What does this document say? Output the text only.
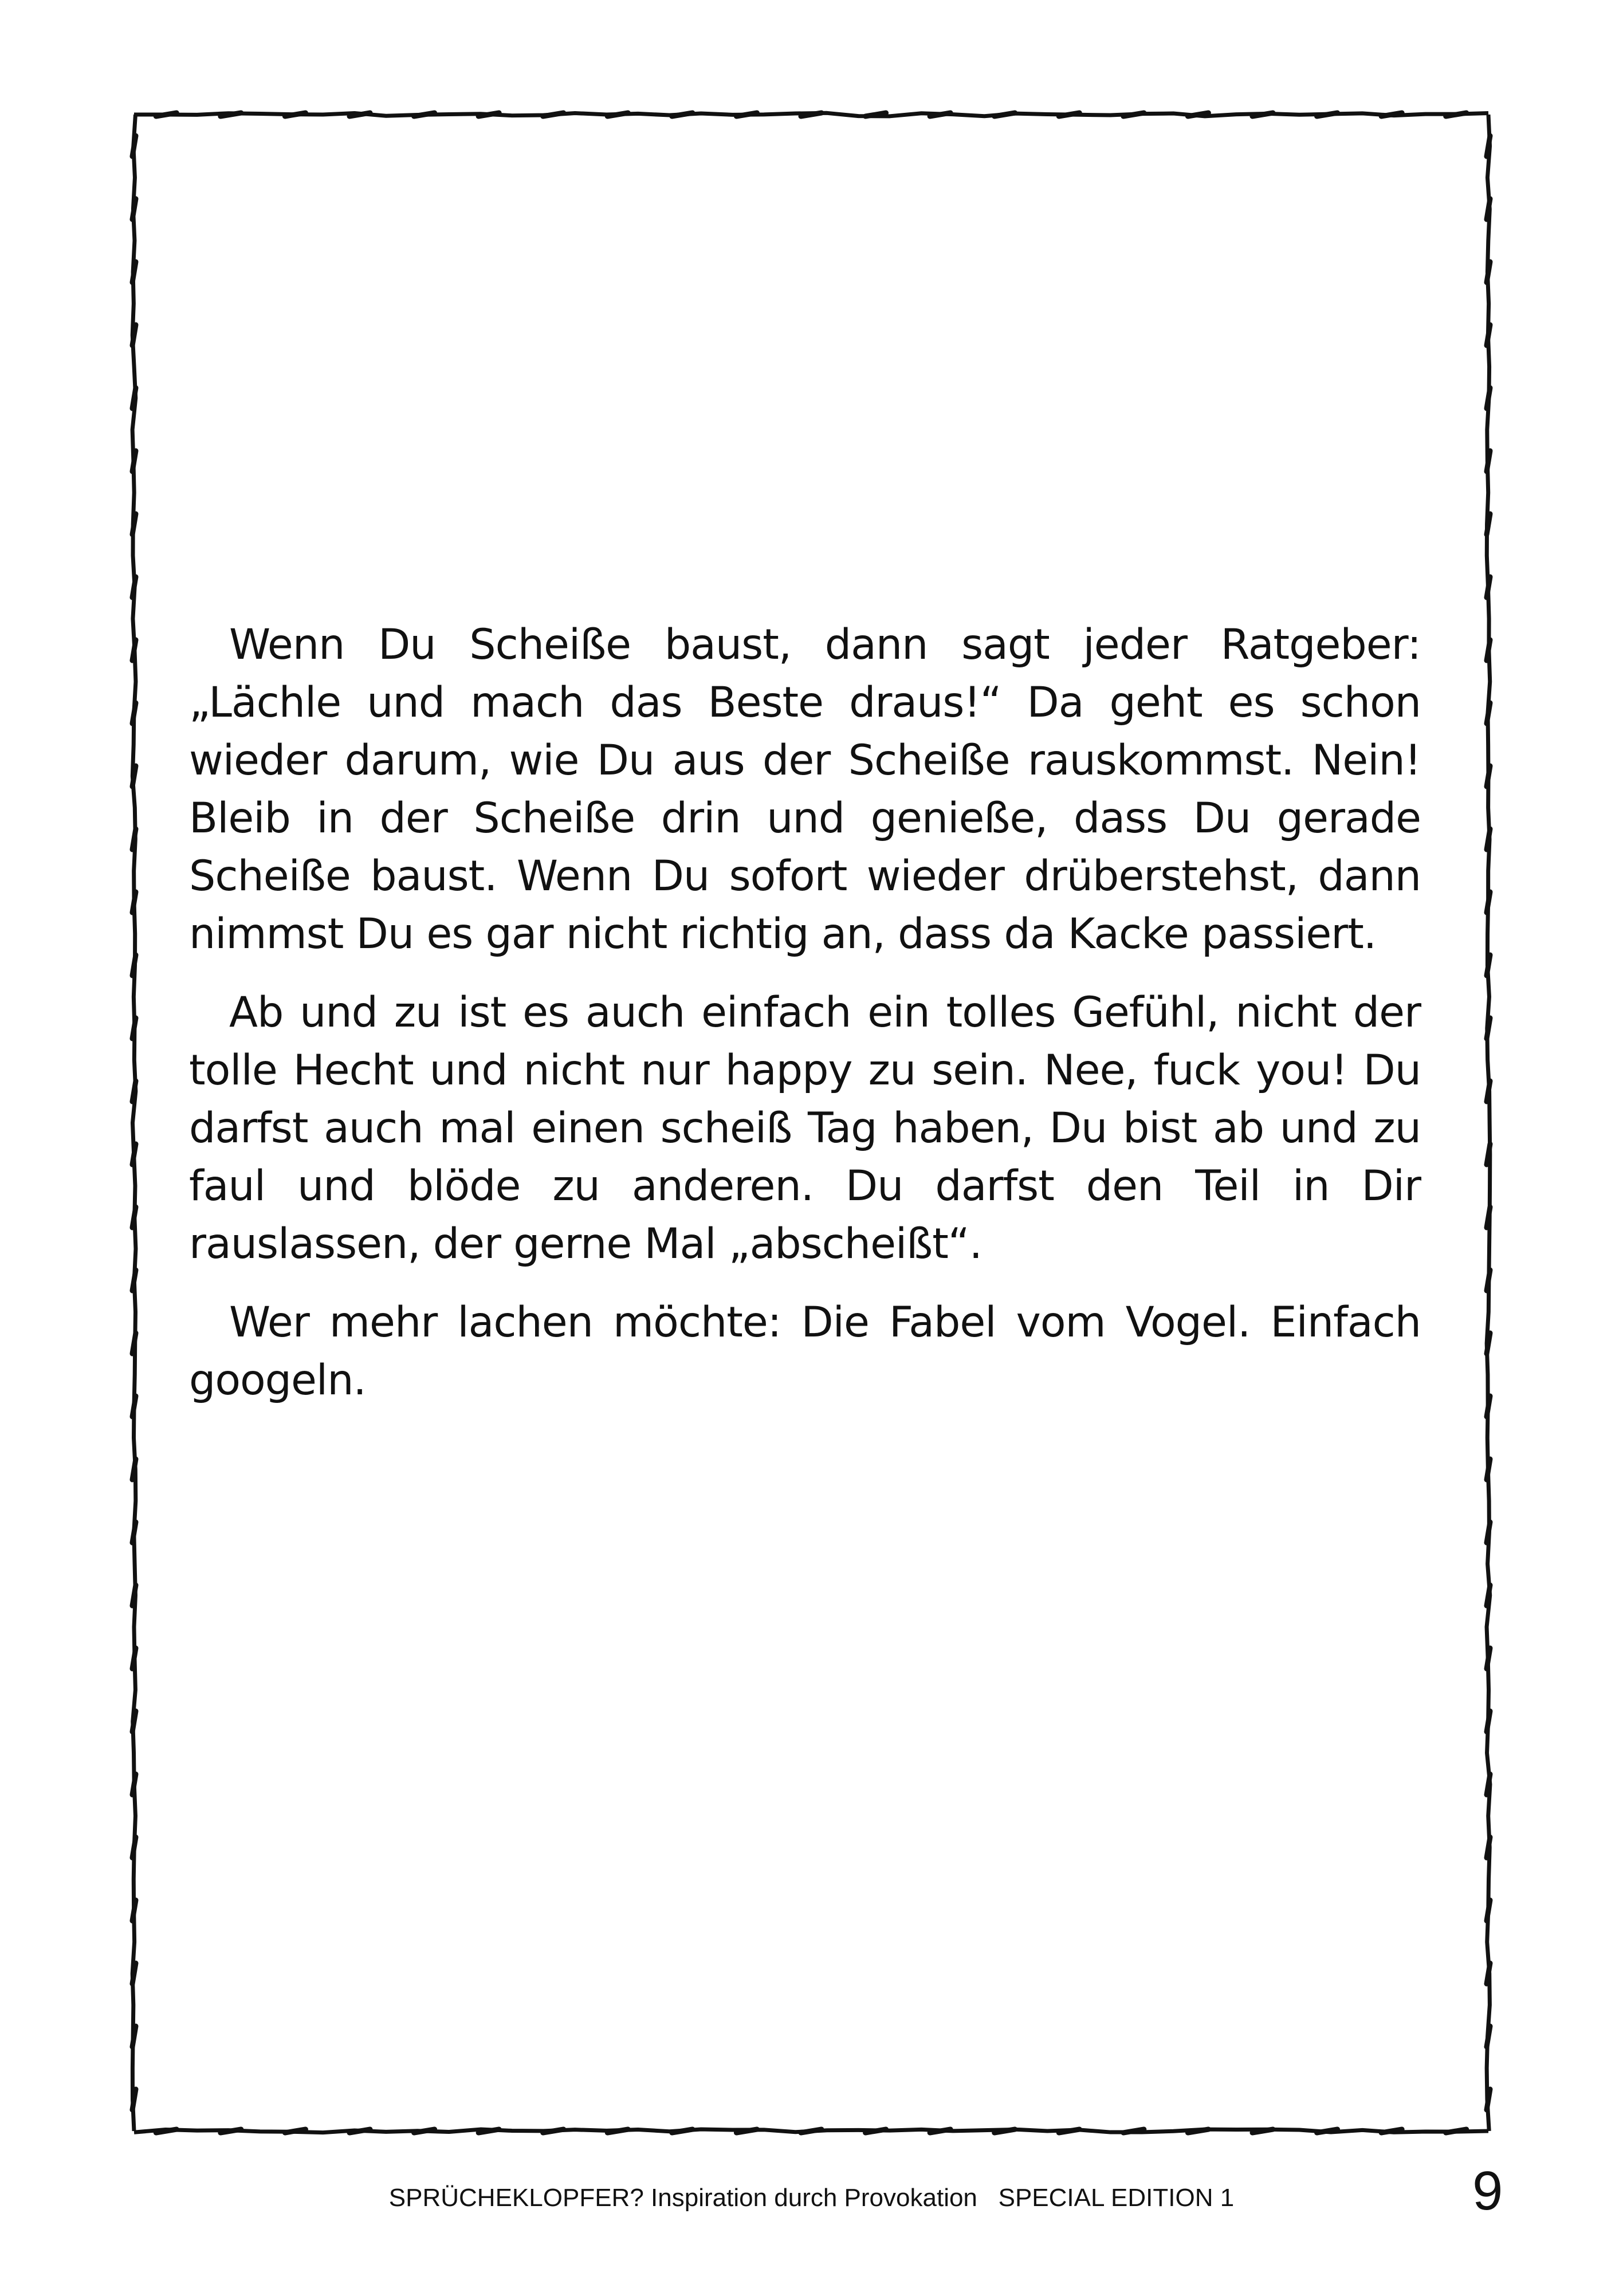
Wenn Du Scheiße baust, dann sagt jeder Ratgeber: „Lächle und mach das Beste draus!“ Da geht es schon wieder darum, wie Du aus der Scheiße rauskommst. Nein! Bleib in der Scheiße drin und genieße, dass Du gerade Scheiße baust. Wenn Du sofort wieder drüberstehst, dann nimmst Du es gar nicht richtig an, dass da Kacke passiert.

Ab und zu ist es auch einfach ein tolles Gefühl, nicht der tolle Hecht und nicht nur happy zu sein. Nee, fuck you! Du darfst auch mal einen scheiß Tag haben, Du bist ab und zu faul und blöde zu anderen. Du darfst den Teil in Dir rauslassen, der gerne Mal „abscheißt“.

Wer mehr lachen möchte: Die Fabel vom Vogel. Einfach googeln.

SPRÜCHEKLOPFER? Inspiration durch Provokation SPECIAL EDITION 1	9
